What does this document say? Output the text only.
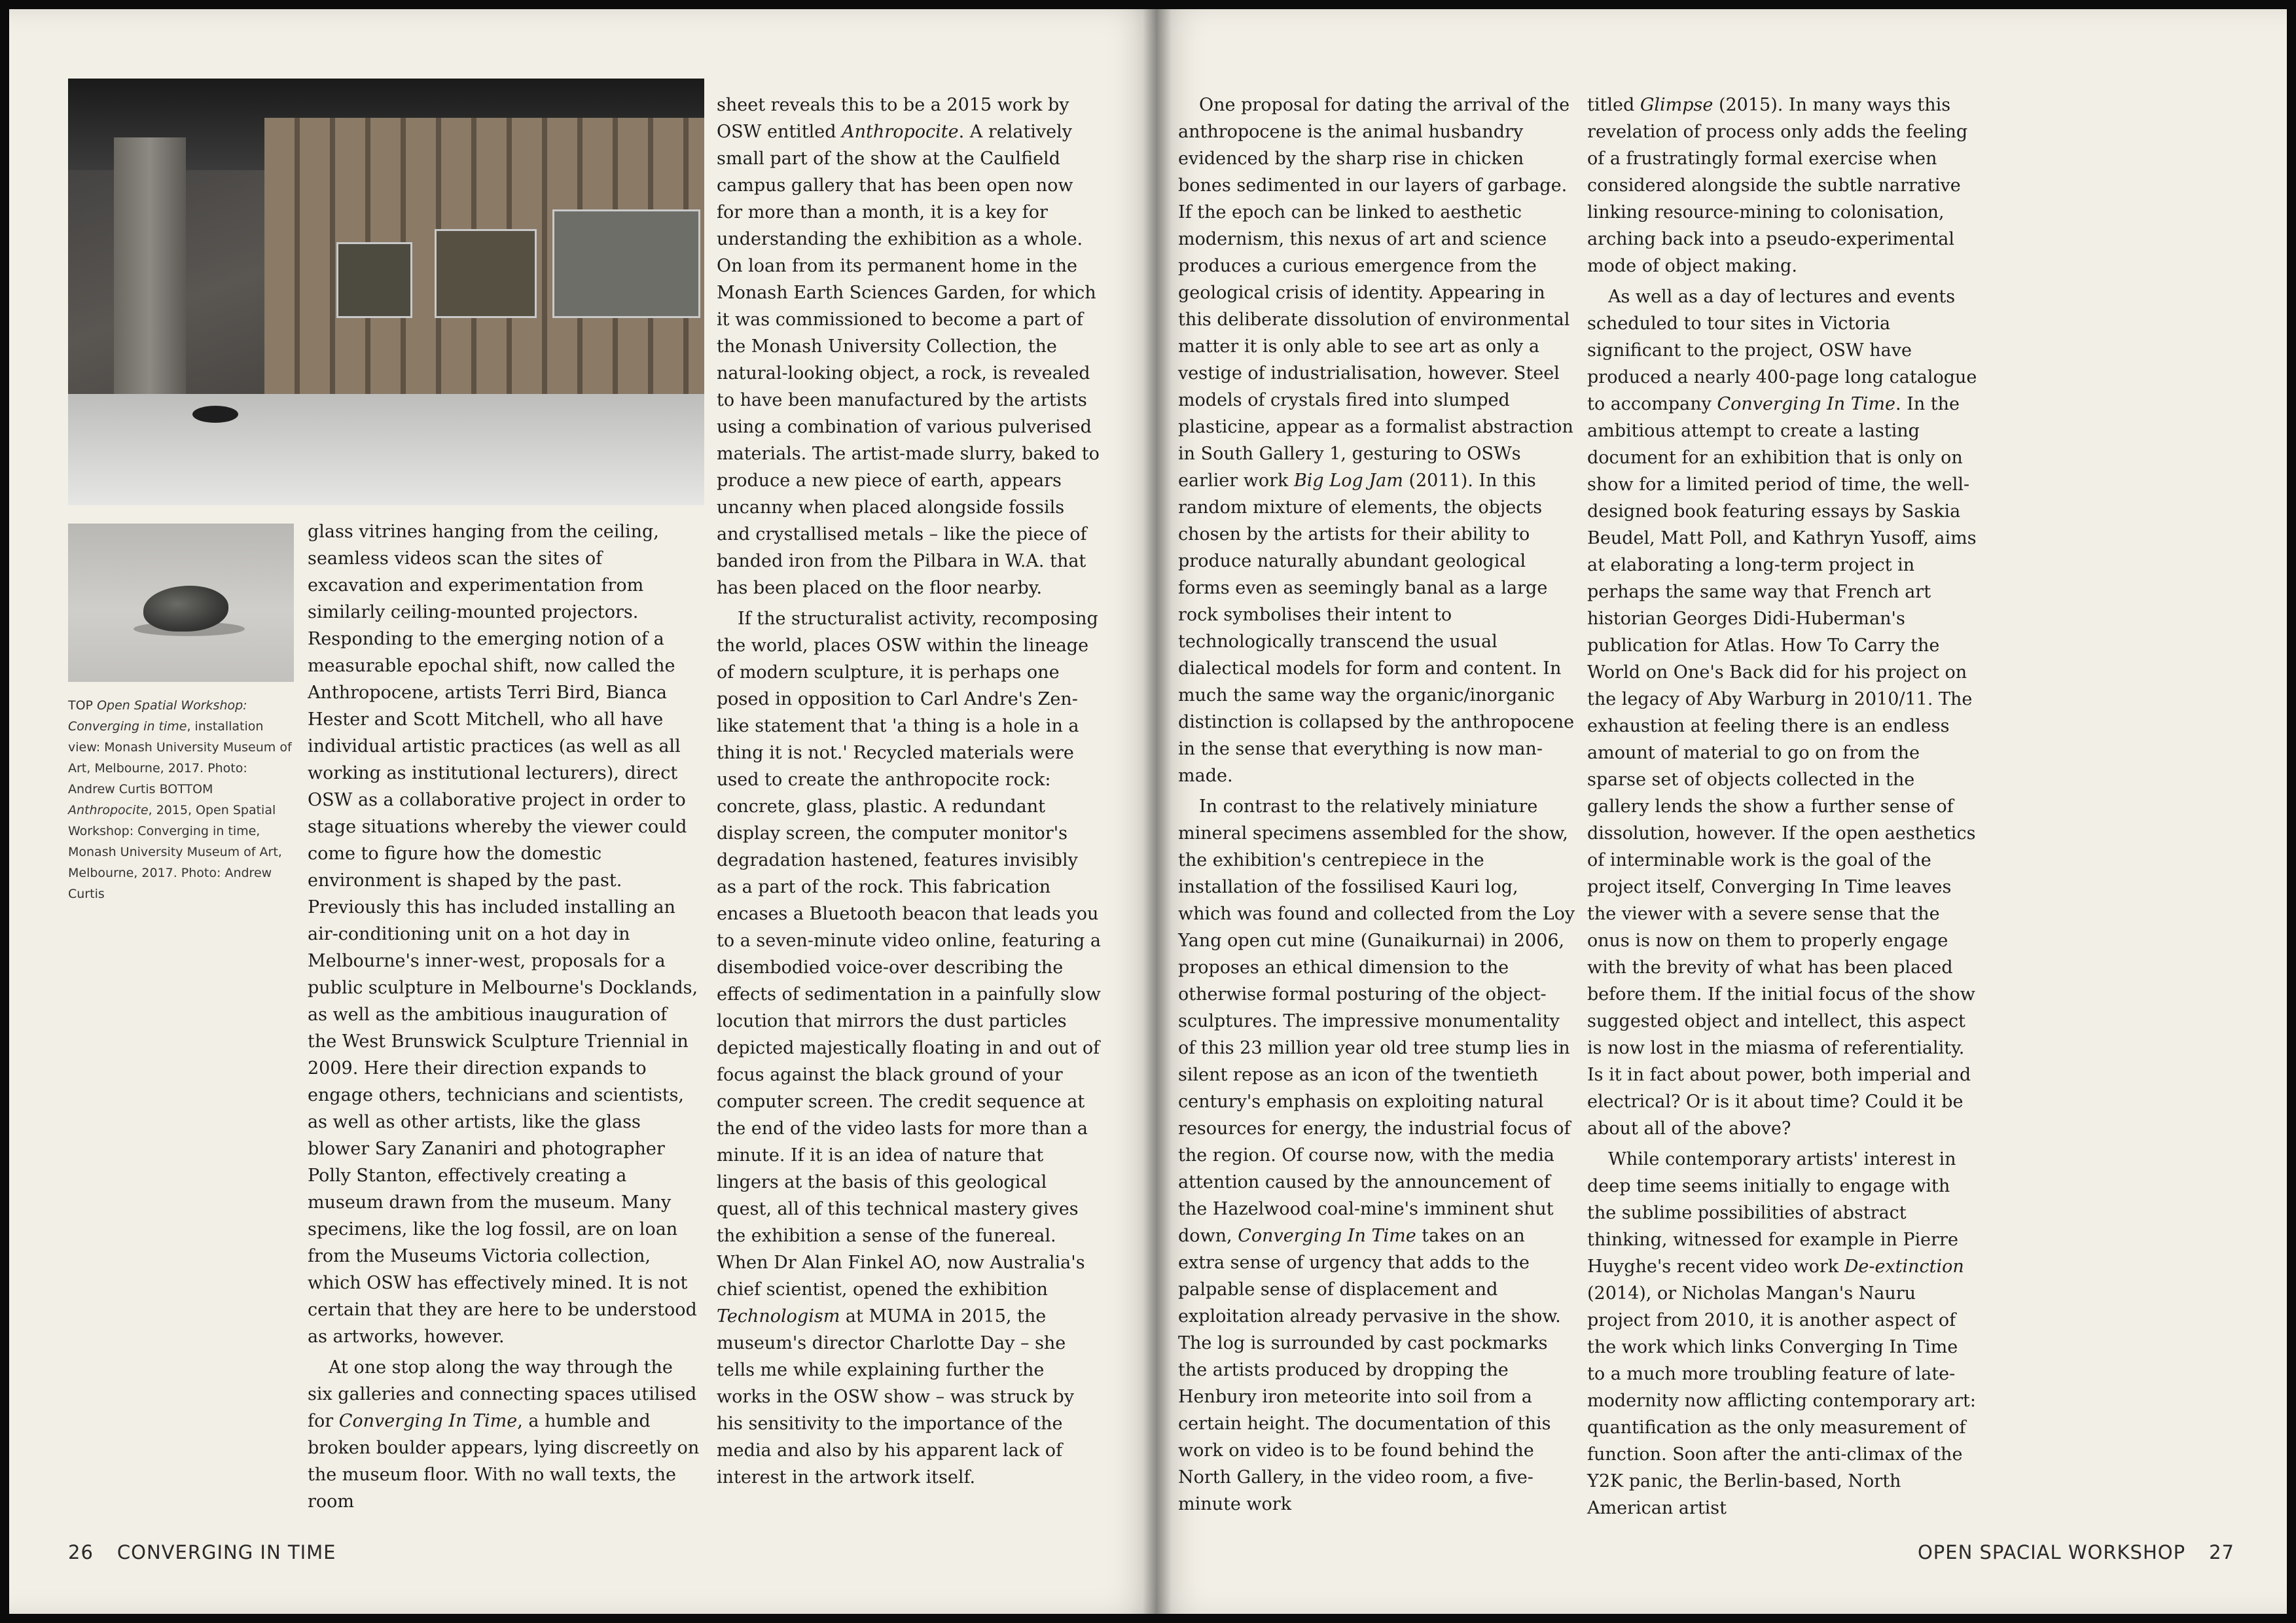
TOP Open Spatial Workshop: Converging in time, installation view: Monash University Museum of Art, Melbourne, 2017. Photo: Andrew Curtis BOTTOM Anthropocite, 2015, Open Spatial Workshop: Converging in time, Monash University Museum of Art, Melbourne, 2017. Photo: Andrew Curtis

glass vitrines hanging from the ceiling, seamless videos scan the sites of excavation and experimentation from similarly ceiling-mounted projectors. Responding to the emerging notion of a measurable epochal shift, now called the Anthropocene, artists Terri Bird, Bianca Hester and Scott Mitchell, who all have individual artistic practices (as well as all working as institutional lecturers), direct OSW as a collaborative project in order to stage situations whereby the viewer could come to figure how the domestic environment is shaped by the past. Previously this has included installing an air-conditioning unit on a hot day in Melbourne's inner-west, proposals for a public sculpture in Melbourne's Docklands, as well as the ambitious inauguration of the West Brunswick Sculpture Triennial in 2009. Here their direction expands to engage others, technicians and scientists, as well as other artists, like the glass blower Sary Zananiri and photographer Polly Stanton, effectively creating a museum drawn from the museum. Many specimens, like the log fossil, are on loan from the Museums Victoria collection, which OSW has effectively mined. It is not certain that they are here to be understood as artworks, however.

At one stop along the way through the six galleries and connecting spaces utilised for Converging In Time, a humble and broken boulder appears, lying discreetly on the museum floor. With no wall texts, the room

sheet reveals this to be a 2015 work by OSW entitled Anthropocite. A relatively small part of the show at the Caulfield campus gallery that has been open now for more than a month, it is a key for understanding the exhibition as a whole. On loan from its permanent home in the Monash Earth Sciences Garden, for which it was commissioned to become a part of the Monash University Collection, the natural-looking object, a rock, is revealed to have been manufactured by the artists using a combination of various pulverised materials. The artist-made slurry, baked to produce a new piece of earth, appears uncanny when placed alongside fossils and crystallised metals – like the piece of banded iron from the Pilbara in W.A. that has been placed on the floor nearby.

If the structuralist activity, recomposing the world, places OSW within the lineage of modern sculpture, it is perhaps one posed in opposition to Carl Andre's Zen-like statement that 'a thing is a hole in a thing it is not.' Recycled materials were used to create the anthropocite rock: concrete, glass, plastic. A redundant display screen, the computer monitor's degradation hastened, features invisibly as a part of the rock. This fabrication encases a Bluetooth beacon that leads you to a seven-minute video online, featuring a disembodied voice-over describing the effects of sedimentation in a painfully slow locution that mirrors the dust particles depicted majestically floating in and out of focus against the black ground of your computer screen. The credit sequence at the end of the video lasts for more than a minute. If it is an idea of nature that lingers at the basis of this geological quest, all of this technical mastery gives the exhibition a sense of the funereal. When Dr Alan Finkel AO, now Australia's chief scientist, opened the exhibition Technologism at MUMA in 2015, the museum's director Charlotte Day – she tells me while explaining further the works in the OSW show – was struck by his sensitivity to the importance of the media and also by his apparent lack of interest in the artwork itself.

One proposal for dating the arrival of the anthropocene is the animal husbandry evidenced by the sharp rise in chicken bones sedimented in our layers of garbage. If the epoch can be linked to aesthetic modernism, this nexus of art and science produces a curious emergence from the geological crisis of identity. Appearing in this deliberate dissolution of environmental matter it is only able to see art as only a vestige of industrialisation, however. Steel models of crystals fired into slumped plasticine, appear as a formalist abstraction in South Gallery 1, gesturing to OSWs earlier work Big Log Jam (2011). In this random mixture of elements, the objects chosen by the artists for their ability to produce naturally abundant geological forms even as seemingly banal as a large rock symbolises their intent to technologically transcend the usual dialectical models for form and content. In much the same way the organic/inorganic distinction is collapsed by the anthropocene in the sense that everything is now man-made.

In contrast to the relatively miniature mineral specimens assembled for the show, the exhibition's centrepiece in the installation of the fossilised Kauri log, which was found and collected from the Loy Yang open cut mine (Gunaikurnai) in 2006, proposes an ethical dimension to the otherwise formal posturing of the object-sculptures. The impressive monumentality of this 23 million year old tree stump lies in silent repose as an icon of the twentieth century's emphasis on exploiting natural resources for energy, the industrial focus of the region. Of course now, with the media attention caused by the announcement of the Hazelwood coal-mine's imminent shut down, Converging In Time takes on an extra sense of urgency that adds to the palpable sense of displacement and exploitation already pervasive in the show. The log is surrounded by cast pockmarks the artists produced by dropping the Henbury iron meteorite into soil from a certain height. The documentation of this work on video is to be found behind the North Gallery, in the video room, a five-minute work

titled Glimpse (2015). In many ways this revelation of process only adds the feeling of a frustratingly formal exercise when considered alongside the subtle narrative linking resource-mining to colonisation, arching back into a pseudo-experimental mode of object making.

As well as a day of lectures and events scheduled to tour sites in Victoria significant to the project, OSW have produced a nearly 400-page long catalogue to accompany Converging In Time. In the ambitious attempt to create a lasting document for an exhibition that is only on show for a limited period of time, the well-designed book featuring essays by Saskia Beudel, Matt Poll, and Kathryn Yusoff, aims at elaborating a long-term project in perhaps the same way that French art historian Georges Didi-Huberman's publication for Atlas. How To Carry the World on One's Back did for his project on the legacy of Aby Warburg in 2010/11. The exhaustion at feeling there is an endless amount of material to go on from the sparse set of objects collected in the gallery lends the show a further sense of dissolution, however. If the open aesthetics of interminable work is the goal of the project itself, Converging In Time leaves the viewer with a severe sense that the onus is now on them to properly engage with the brevity of what has been placed before them. If the initial focus of the show suggested object and intellect, this aspect is now lost in the miasma of referentiality. Is it in fact about power, both imperial and electrical? Or is it about time? Could it be about all of the above?

While contemporary artists' interest in deep time seems initially to engage with the sublime possibilities of abstract thinking, witnessed for example in Pierre Huyghe's recent video work De-extinction (2014), or Nicholas Mangan's Nauru project from 2010, it is another aspect of the work which links Converging In Time to a much more troubling feature of late-modernity now afflicting contemporary art: quantification as the only measurement of function. Soon after the anti-climax of the Y2K panic, the Berlin-based, North American artist

26 CONVERGING IN TIME	OPEN SPACIAL WORKSHOP 27
